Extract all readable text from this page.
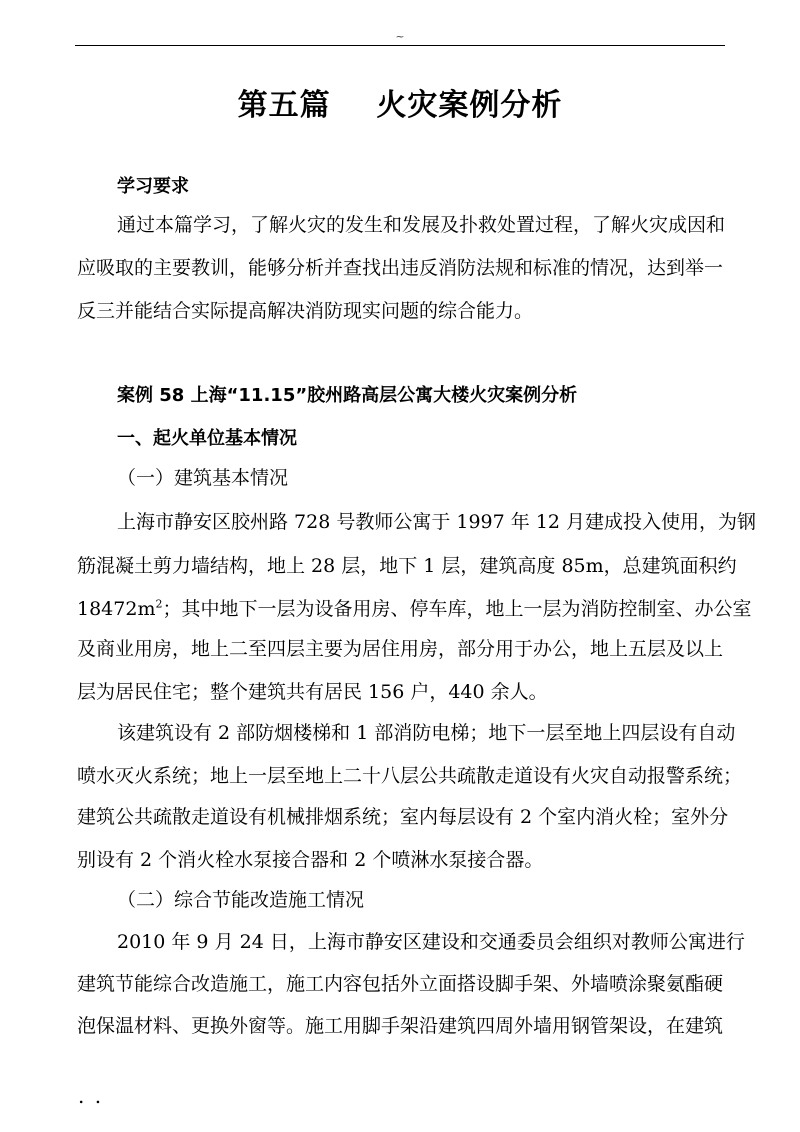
~
第五篇    火灾案例分析
学习要求
通过本篇学习，了解火灾的发生和发展及扑救处置过程，了解火灾成因和
应吸取的主要教训，能够分析并查找出违反消防法规和标准的情况，达到举一
反三并能结合实际提高解决消防现实问题的综合能力。
案例 58 上海“11.15”胶州路高层公寓大楼火灾案例分析
一、起火单位基本情况
（一）建筑基本情况
上海市静安区胶州路 728 号教师公寓于 1997 年 12 月建成投入使用，为钢
筋混凝土剪力墙结构，地上 28 层，地下 1 层，建筑高度 85m，总建筑面积约
$18472m^2$；其中地下一层为设备用房、停车库，地上一层为消防控制室、办公室
及商业用房，地上二至四层主要为居住用房，部分用于办公，地上五层及以上
层为居民住宅；整个建筑共有居民 156 户，440 余人。
该建筑设有 2 部防烟楼梯和 1 部消防电梯；地下一层至地上四层设有自动
喷水灭火系统；地上一层至地上二十八层公共疏散走道设有火灾自动报警系统；
建筑公共疏散走道设有机械排烟系统；室内每层设有 2 个室内消火栓；室外分
别设有 2 个消火栓水泵接合器和 2 个喷淋水泵接合器。
（二）综合节能改造施工情况
2010 年 9 月 24 日，上海市静安区建设和交通委员会组织对教师公寓进行
建筑节能综合改造施工，施工内容包括外立面搭设脚手架、外墙喷涂聚氨酯硬
泡保温材料、更换外窗等。施工用脚手架沿建筑四周外墙用钢管架设，在建筑
. .
